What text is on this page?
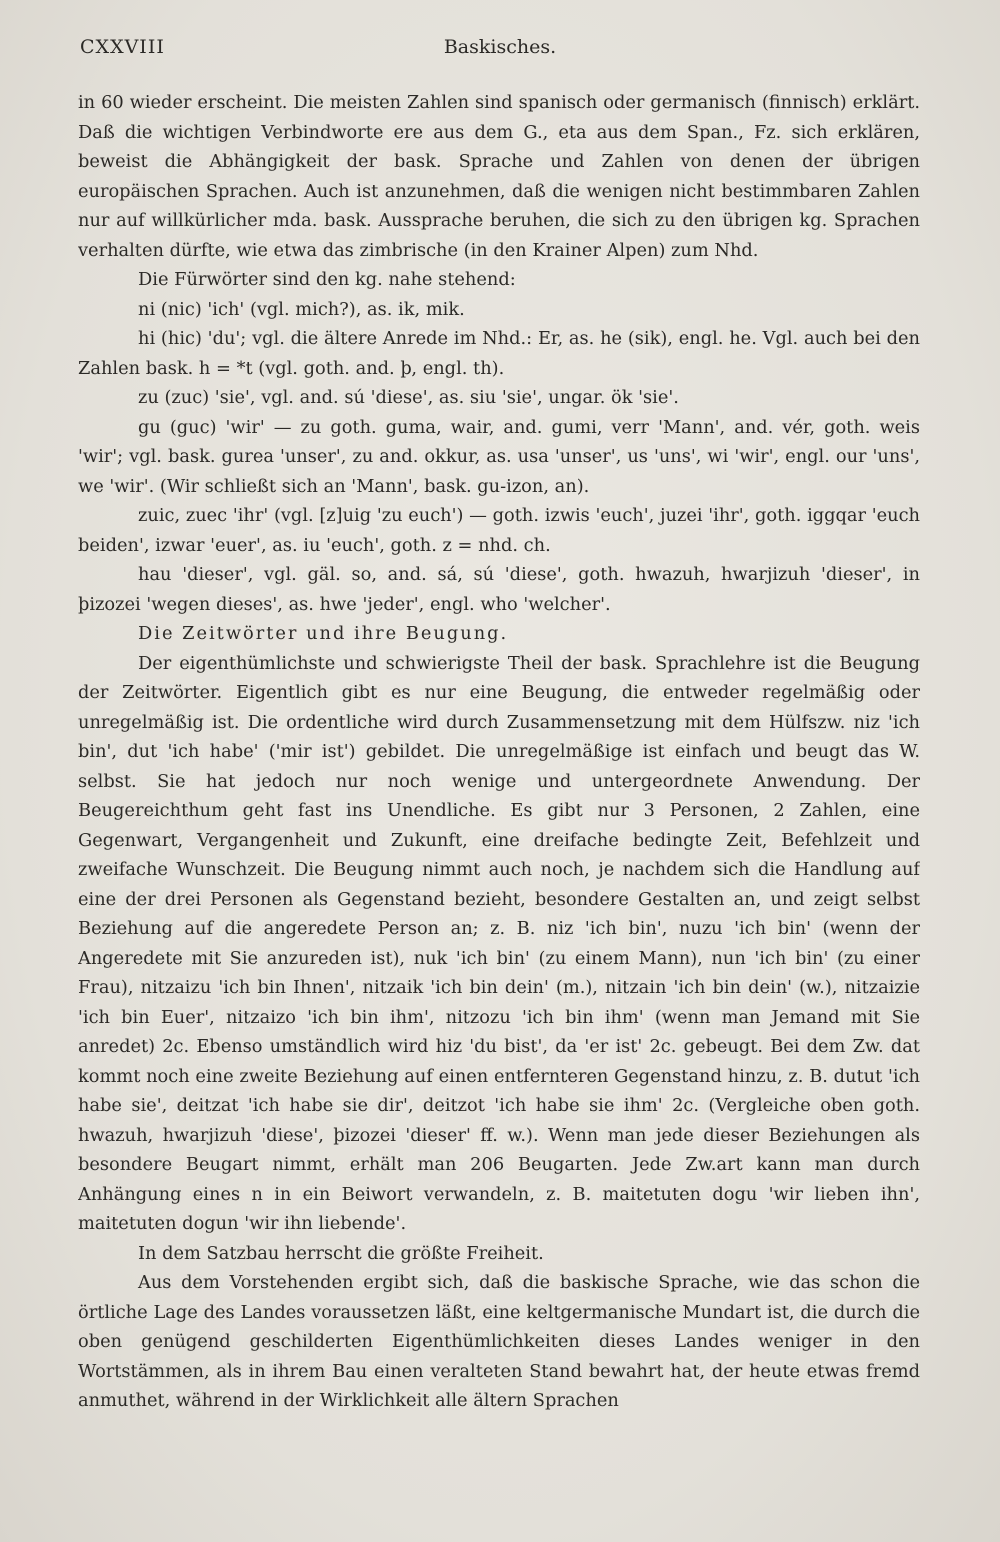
CXXVIII	Baskisches.

in 60 wieder erscheint. Die meisten Zahlen sind spanisch oder germanisch (finnisch) erklärt. Daß die wichtigen Verbindworte ere aus dem G., eta aus dem Span., Fz. sich erklären, beweist die Abhängigkeit der bask. Sprache und Zahlen von denen der übrigen europäischen Sprachen. Auch ist anzunehmen, daß die wenigen nicht bestimmbaren Zahlen nur auf willkürlicher mda. bask. Aussprache beruhen, die sich zu den übrigen kg. Sprachen verhalten dürfte, wie etwa das zimbrische (in den Krainer Alpen) zum Nhd.

Die Fürwörter sind den kg. nahe stehend:

ni (nic) 'ich' (vgl. mich?), as. ik, mik.

hi (hic) 'du'; vgl. die ältere Anrede im Nhd.: Er, as. he (sik), engl. he. Vgl. auch bei den Zahlen bask. h = *t (vgl. goth. and. þ, engl. th).

zu (zuc) 'sie', vgl. and. sú 'diese', as. siu 'sie', ungar. ök 'sie'.

gu (guc) 'wir' — zu goth. guma, wair, and. gumi, verr 'Mann', and. vér, goth. weis 'wir'; vgl. bask. gurea 'unser', zu and. okkur, as. usa 'unser', us 'uns', wi 'wir', engl. our 'uns', we 'wir'. (Wir schließt sich an 'Mann', bask. gu-izon, an).

zuic, zuec 'ihr' (vgl. [z]uig 'zu euch') — goth. izwis 'euch', juzei 'ihr', goth. iggqar 'euch beiden', izwar 'euer', as. iu 'euch', goth. z = nhd. ch.

hau 'dieser', vgl. gäl. so, and. sá, sú 'diese', goth. hwazuh, hwarjizuh 'dieser', in þizozei 'wegen dieses', as. hwe 'jeder', engl. who 'welcher'.

Die Zeitwörter und ihre Beugung.

Der eigenthümlichste und schwierigste Theil der bask. Sprachlehre ist die Beugung der Zeitwörter. Eigentlich gibt es nur eine Beugung, die entweder regelmäßig oder unregelmäßig ist. Die ordentliche wird durch Zusammensetzung mit dem Hülfszw. niz 'ich bin', dut 'ich habe' ('mir ist') gebildet. Die unregelmäßige ist einfach und beugt das W. selbst. Sie hat jedoch nur noch wenige und untergeordnete Anwendung. Der Beugereichthum geht fast ins Unendliche. Es gibt nur 3 Personen, 2 Zahlen, eine Gegenwart, Vergangenheit und Zukunft, eine dreifache bedingte Zeit, Befehlzeit und zweifache Wunschzeit. Die Beugung nimmt auch noch, je nachdem sich die Handlung auf eine der drei Personen als Gegenstand bezieht, besondere Gestalten an, und zeigt selbst Beziehung auf die angeredete Person an; z. B. niz 'ich bin', nuzu 'ich bin' (wenn der Angeredete mit Sie anzureden ist), nuk 'ich bin' (zu einem Mann), nun 'ich bin' (zu einer Frau), nitzaizu 'ich bin Ihnen', nitzaik 'ich bin dein' (m.), nitzain 'ich bin dein' (w.), nitzaizie 'ich bin Euer', nitzaizo 'ich bin ihm', nitzozu 'ich bin ihm' (wenn man Jemand mit Sie anredet) 2c. Ebenso umständlich wird hiz 'du bist', da 'er ist' 2c. gebeugt. Bei dem Zw. dat kommt noch eine zweite Beziehung auf einen entfernteren Gegenstand hinzu, z. B. dutut 'ich habe sie', deitzat 'ich habe sie dir', deitzot 'ich habe sie ihm' 2c. (Vergleiche oben goth. hwazuh, hwarjizuh 'diese', þizozei 'dieser' ff. w.). Wenn man jede dieser Beziehungen als besondere Beugart nimmt, erhält man 206 Beugarten. Jede Zw.art kann man durch Anhängung eines n in ein Beiwort verwandeln, z. B. maitetuten dogu 'wir lieben ihn', maitetuten dogun 'wir ihn liebende'.

In dem Satzbau herrscht die größte Freiheit.

Aus dem Vorstehenden ergibt sich, daß die baskische Sprache, wie das schon die örtliche Lage des Landes voraussetzen läßt, eine keltgermanische Mundart ist, die durch die oben genügend geschilderten Eigenthümlichkeiten dieses Landes weniger in den Wortstämmen, als in ihrem Bau einen veralteten Stand bewahrt hat, der heute etwas fremd anmuthet, während in der Wirklichkeit alle ältern Sprachen
